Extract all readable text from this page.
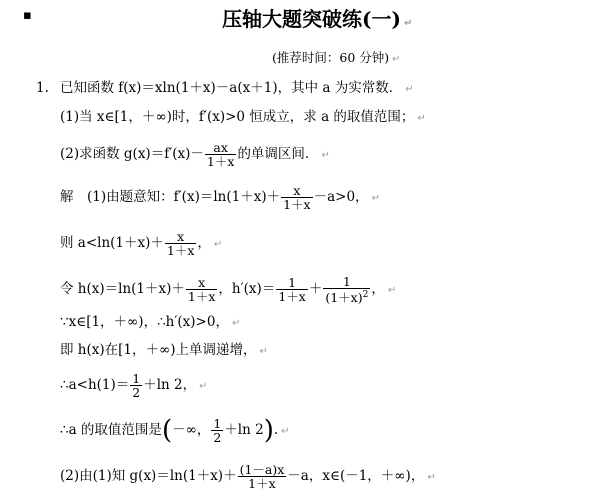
▪	压轴大题突破练(一) ↵
(推荐时间：60 分钟) ↵
1. 已知函数 f(x)＝xln(1＋x)－a(x＋1)，其中 a 为实常数． ↵
(1)当 x∈[1，＋∞)时，f′(x)>0 恒成立，求 a 的取值范围； ↵
(2)求函数 $g(x)=f'(x)- \frac{ax}{1+x}$ 的单调区间． ↵
解　(1)由题意知：$f'(x)=\ln(1+x)+ \frac{x}{1+x} -a>0$， ↵
则 $a<\ln(1+x)+ \frac{x}{1+x}$ ， ↵
令 $h(x)=\ln(1+x)+ \frac{x}{1+x}$ ，$h'(x)= \frac{1}{1+x} + \frac{1}{(1+x)^2}$ ， ↵
∵x∈[1，＋∞)，∴h′(x)>0， ↵
即 h(x)在[1，＋∞)上单调递增， ↵
∴a<h(1)＝ $\frac{1}{2} +\ln$ 2， ↵
∴a 的取值范围是(－∞， $\frac{1}{2} +\ln$ 2). ↵
(2)由(1)知 $g(x)=\ln(1+x)+ \frac{(1-a)x}{1+x} -a$，x∈(－1，＋∞)， ↵
